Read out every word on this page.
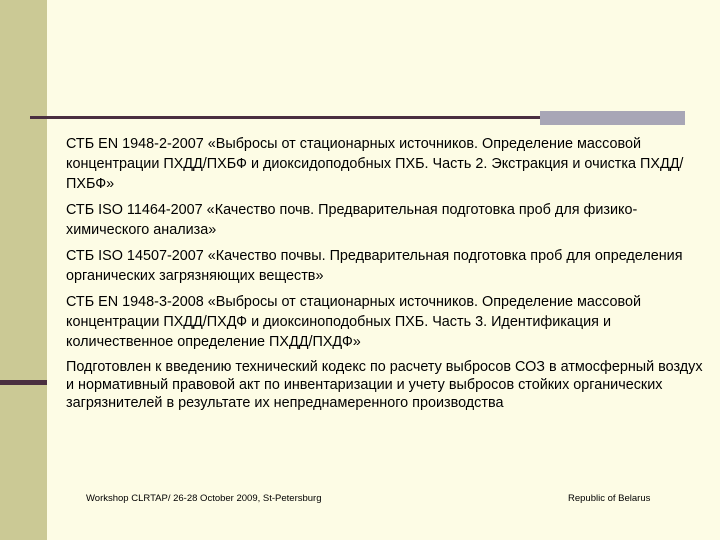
СТБ EN 1948-2-2007 «Выбросы от стационарных источников. Определение массовой концентрации ПХДД/ПХБФ и диоксидоподобных ПХБ. Часть 2. Экстракция и очистка ПХДД/ПХБФ»

СТБ ISO 11464-2007 «Качество почв. Предварительная подготовка проб для физико-химического анализа»

СТБ ISO 14507-2007 «Качество почвы. Предварительная подготовка проб для определения органических загрязняющих веществ»

СТБ EN 1948-3-2008 «Выбросы от стационарных источников. Определение массовой концентрации ПХДД/ПХДФ и диоксиноподобных ПХБ. Часть 3. Идентификация и количественное определение ПХДД/ПХДФ»

Подготовлен к введению технический кодекс по расчету выбросов СОЗ в атмосферный воздух и нормативный правовой акт по инвентаризации и учету выбросов стойких органических загрязнителей в результате их непреднамеренного производства

Workshop CLRTAP/ 26-28 October 2009, St-Petersburg	Republic of Belarus
